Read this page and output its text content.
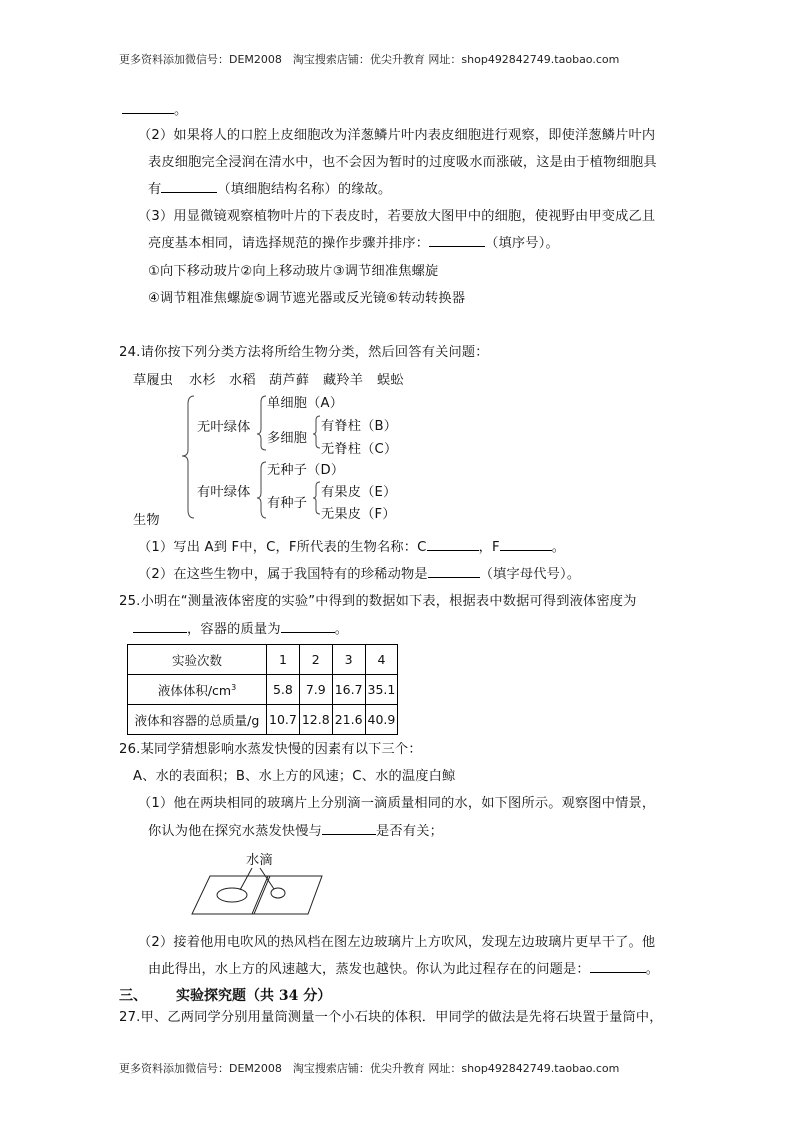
更多资料添加微信号：DEM2008　淘宝搜索店铺：优尖升教育 网址：shop492842749.taobao.com
。
（2）如果将人的口腔上皮细胞改为洋葱鳞片叶内表皮细胞进行观察，即使洋葱鳞片叶内
表皮细胞完全浸润在清水中，也不会因为暂时的过度吸水而涨破，这是由于植物细胞具
有	（填细胞结构名称）的缘故。
（3）用显微镜观察植物叶片的下表皮时，若要放大图甲中的细胞，使视野由甲变成乙且
亮度基本相同，请选择规范的操作步骤并排序：	（填序号）。
①向下移动玻片②向上移动玻片③调节细准焦螺旋
④调节粗准焦螺旋⑤调节遮光器或反光镜⑥转动转换器
24.请你按下列分类方法将所给生物分类，然后回答有关问题：
草履虫 水杉 水稻 葫芦藓 藏羚羊 蜈蚣
生物
无叶绿体
单细胞（A）
多细胞
有脊柱（B）
无脊柱（C）
有叶绿体
无种子（D）
有种子
有果皮（E）
无果皮（F）
（1）写出 A到 F中，C，F所代表的生物名称：C	，F	。
（2）在这些生物中，属于我国特有的珍稀动物是	（填字母代号）。
25.小明在“测量液体密度的实验”中得到的数据如下表，根据表中数据可得到液体密度为
，容器的质量为	。
实验次数	1	2	3	4
液体体积$/cm^3$	5.8	7.9	16.7	35.1
液体和容器的总质量/g	10.7	12.8	21.6	40.9
26.某同学猜想影响水蒸发快慢的因素有以下三个：
A、水的表面积；B、水上方的风速；C、水的温度白鲸
（1）他在两块相同的玻璃片上分别滴一滴质量相同的水，如下图所示。观察图中情景，
你认为他在探究水蒸发快慢与	是否有关；
水滴
（2）接着他用电吹风的热风档在图左边玻璃片上方吹风，发现左边玻璃片更早干了。他
由此得出，水上方的风速越大，蒸发也越快。你认为此过程存在的问题是：	。
三、 实验探究题（共 34 分）
27.甲、乙两同学分别用量筒测量一个小石块的体积．甲同学的做法是先将石块置于量筒中，
更多资料添加微信号：DEM2008　淘宝搜索店铺：优尖升教育 网址：shop492842749.taobao.com
